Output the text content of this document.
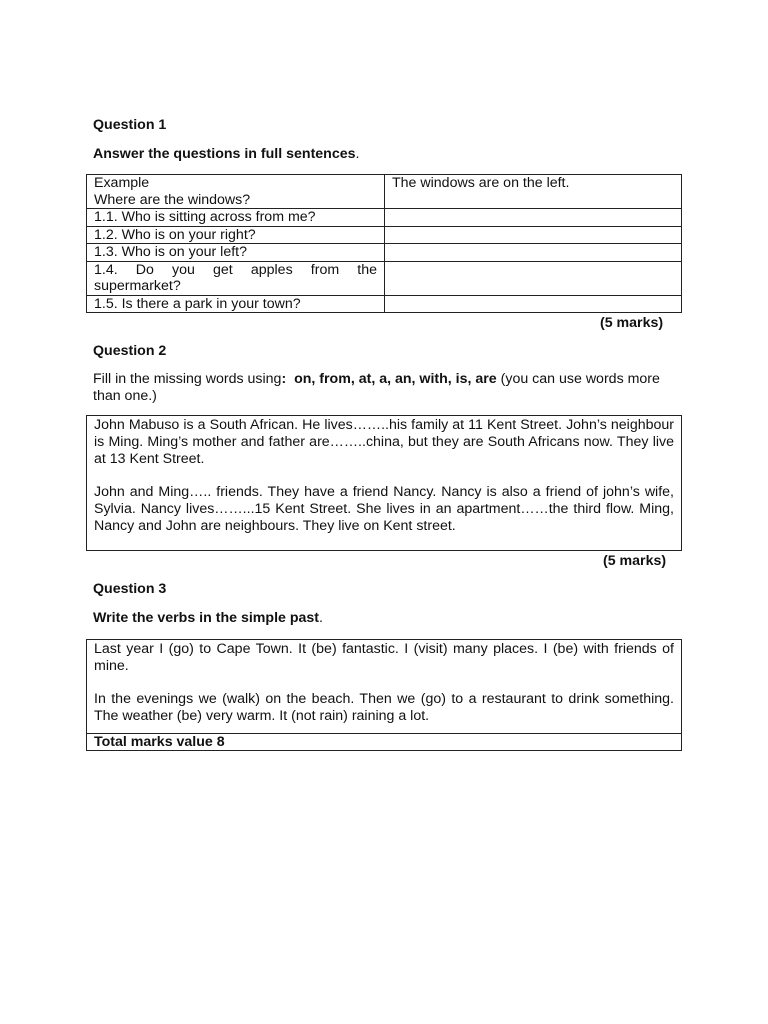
Question 1
Answer the questions in full sentences.
Example
Where are the windows?	The windows are on the left.
1.1. Who is sitting across from me?	
1.2. Who is on your right?	
1.3. Who is on your left?	
1.4. Do you get apples from the supermarket?	
1.5. Is there a park in your town?	
(5 marks)
Question 2
Fill in the missing words using: on, from, at, a, an, with, is, are (you can use words more than one.)

John Mabuso is a South African. He lives……..his family at 11 Kent Street. John’s neighbour is Ming. Ming’s mother and father are……..china, but they are South Africans now. They live at 13 Kent Street.

John and Ming….. friends. They have a friend Nancy. Nancy is also a friend of john’s wife, Sylvia. Nancy lives……...15 Kent Street. She lives in an apartment……the third flow. Ming, Nancy and John are neighbours. They live on Kent street.

(5 marks)
Question 3
Write the verbs in the simple past.

Last year I (go) to Cape Town. It (be) fantastic. I (visit) many places. I (be) with friends of mine.

In the evenings we (walk) on the beach. Then we (go) to a restaurant to drink something. The weather (be) very warm. It (not rain) raining a lot.

Total marks value 8
